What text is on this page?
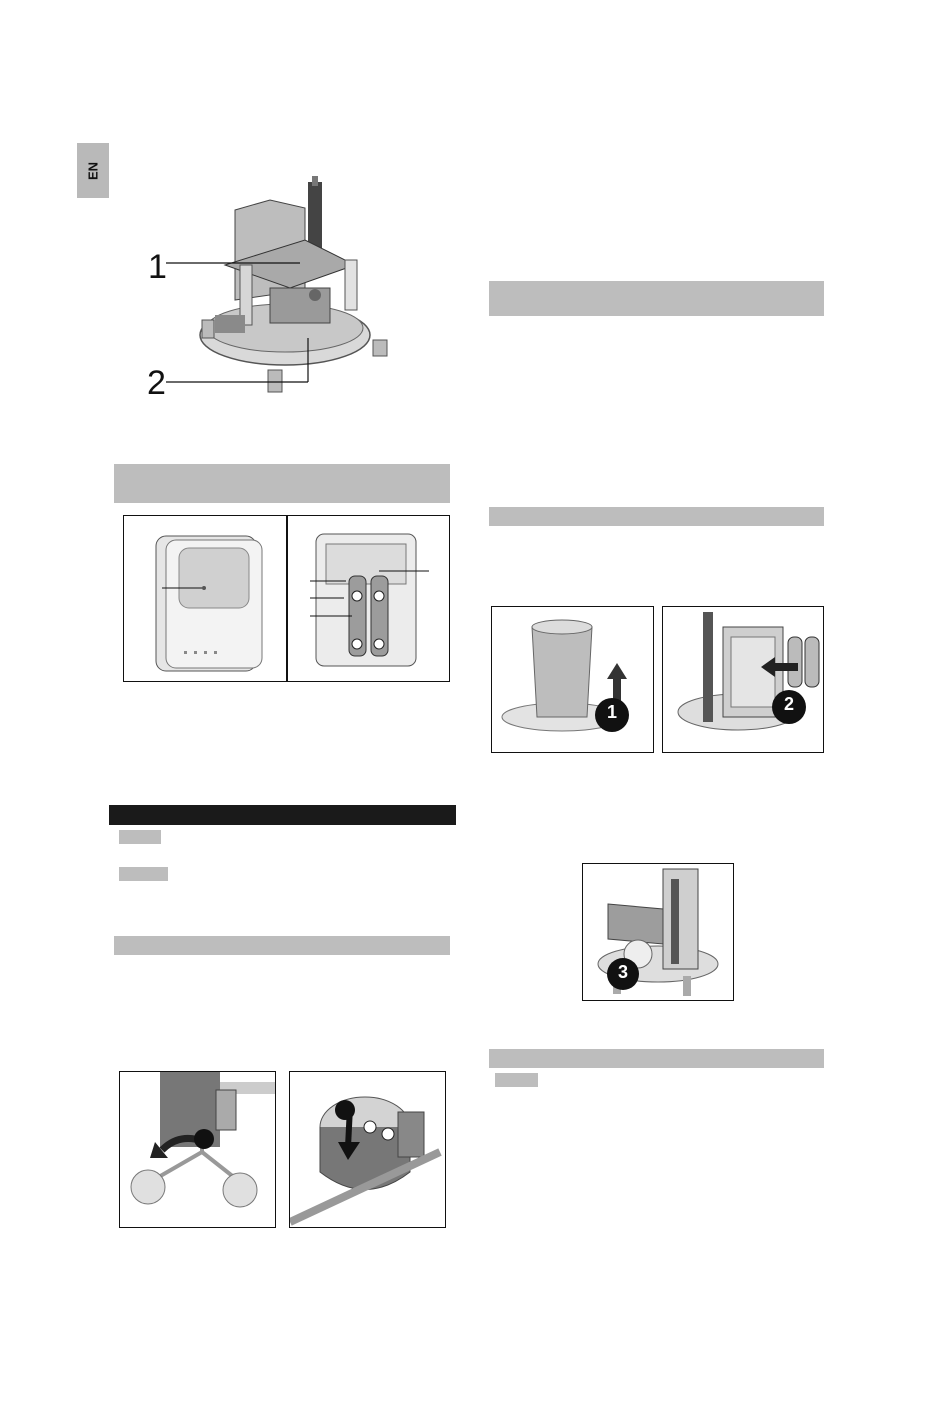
EN
1
2
1	2
3
